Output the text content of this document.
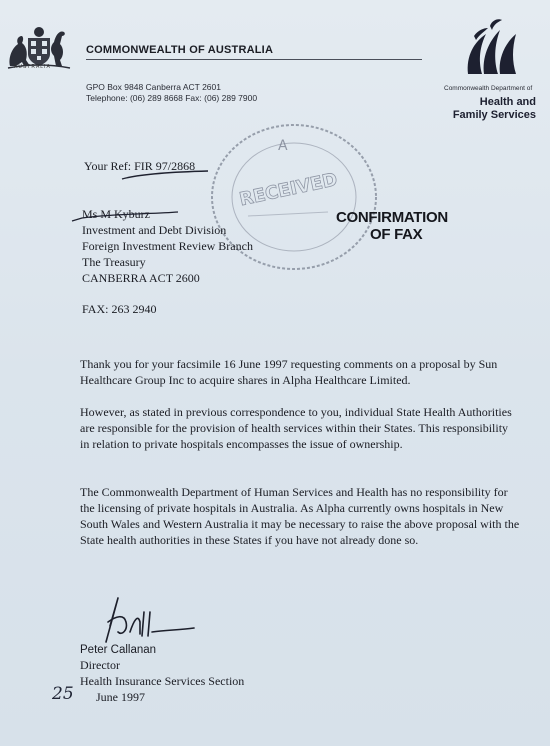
AUSTRALIA
COMMONWEALTH OF AUSTRALIA
GPO Box 9848 Canberra ACT 2601
Telephone: (06) 289 8668 Fax: (06) 289 7900
Commonwealth Department of
Health and
Family Services
Your Ref: FIR 97/2868
A
RECEIVED
CONFIRMATION
OF FAX
Ms M Kyburz
Investment and Debt Division
Foreign Investment Review Branch
The Treasury
CANBERRA ACT 2600
FAX: 263 2940
Thank you for your facsimile 16 June 1997 requesting comments on a proposal by Sun Healthcare Group Inc to acquire shares in Alpha Healthcare Limited.
However, as stated in previous correspondence to you, individual State Health Authorities are responsible for the provision of health services within their States. This responsibility in relation to private hospitals encompasses the issue of ownership.
The Commonwealth Department of Human Services and Health has no responsibility for the licensing of private hospitals in Australia. As Alpha currently owns hospitals in New South Wales and Western Australia it may be necessary to raise the above proposal with the State health authorities in these States if you have not already done so.
Peter Callanan
Director
Health Insurance Services Section
25 June 1997
